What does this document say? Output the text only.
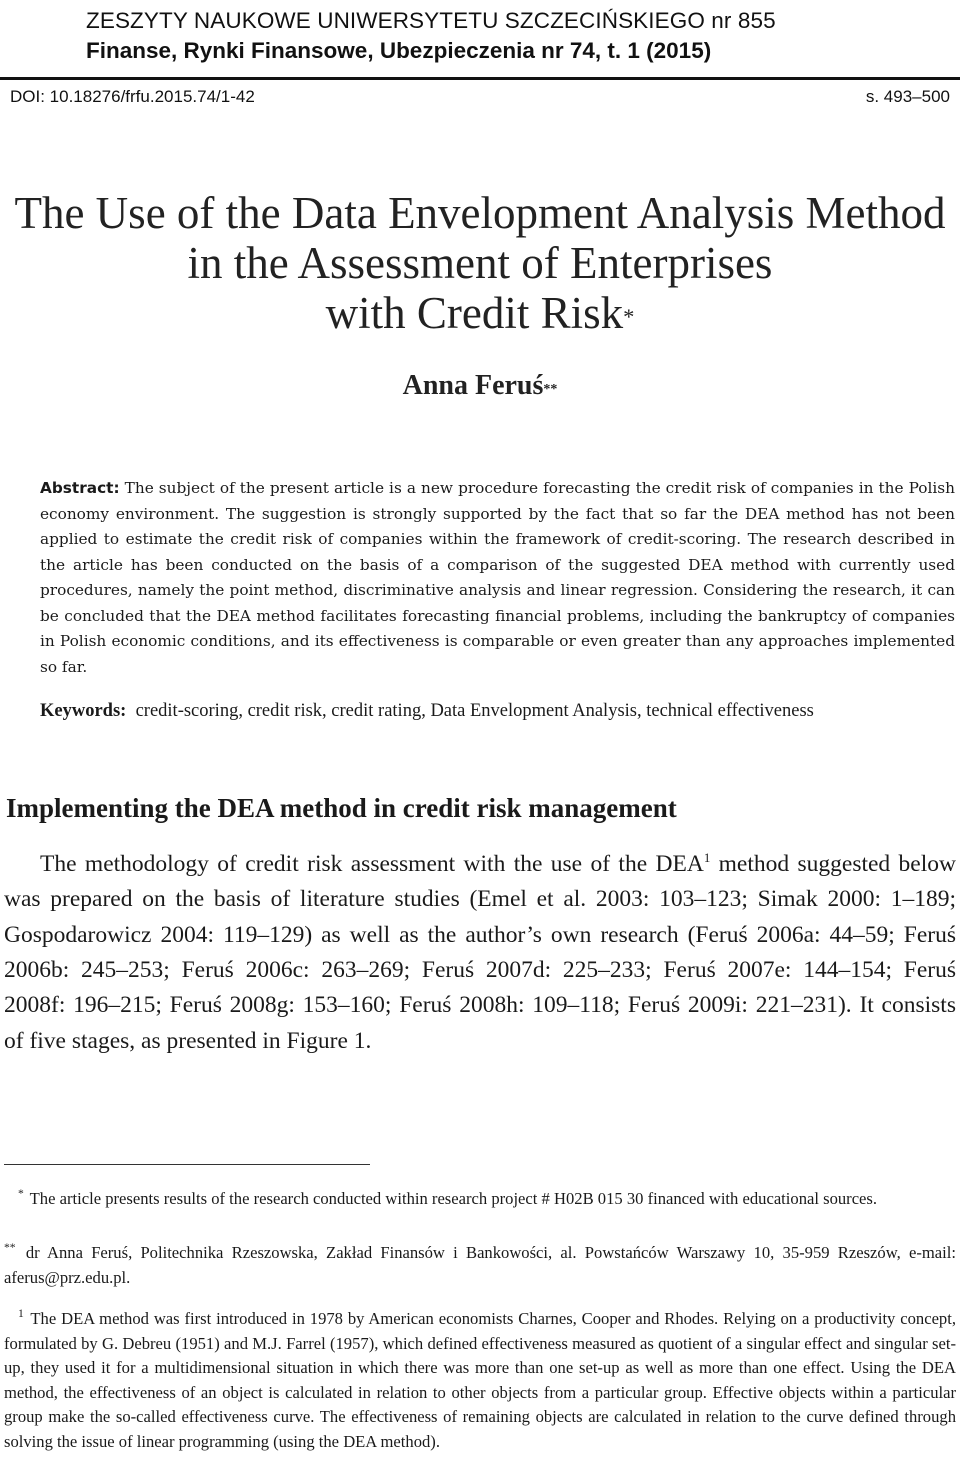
ZESZYTY NAUKOWE UNIWERSYTETU SZCZECIŃSKIEGO nr 855
Finanse, Rynki Finansowe, Ubezpieczenia nr 74, t. 1 (2015)
DOI: 10.18276/frfu.2015.74/1-42	s. 493–500
The Use of the Data Envelopment Analysis Method
in the Assessment of Enterprises
with Credit Risk*
Anna Feruś**
Abstract: The subject of the present article is a new procedure forecasting the credit risk of companies in the Polish economy environment. The suggestion is strongly supported by the fact that so far the DEA method has not been applied to estimate the credit risk of companies within the framework of credit-scoring. The research described in the article has been conducted on the basis of a comparison of the suggested DEA method with currently used procedures, namely the point method, discriminative analysis and linear regression. Considering the research, it can be concluded that the DEA method facilitates forecasting financial problems, including the bankruptcy of companies in Polish economic conditions, and its effectiveness is comparable or even greater than any approaches implemented so far.
Keywords: credit-scoring, credit risk, credit rating, Data Envelopment Analysis, technical effectiveness
Implementing the DEA method in credit risk management
The methodology of credit risk assessment with the use of the DEA$^1$ method suggested below was prepared on the basis of literature studies (Emel et al. 2003: 103–123; Simak 2000: 1–189; Gospodarowicz 2004: 119–129) as well as the author’s own research (Feruś 2006a: 44–59; Feruś 2006b: 245–253; Feruś 2006c: 263–269; Feruś 2007d: 225–233; Feruś 2007e: 144–154; Feruś 2008f: 196–215; Feruś 2008g: 153–160; Feruś 2008h: 109–118; Feruś 2009i: 221–231). It consists of five stages, as presented in Figure 1.
* The article presents results of the research conducted within research project # H02B 015 30 financed with educational sources.
** dr Anna Feruś, Politechnika Rzeszowska, Zakład Finansów i Bankowości, al. Powstańców Warszawy 10, 35-959 Rzeszów, e-mail: aferus@prz.edu.pl.
$^1$ The DEA method was first introduced in 1978 by American economists Charnes, Cooper and Rhodes. Relying on a productivity concept, formulated by G. Debreu (1951) and M.J. Farrel (1957), which defined effectiveness measured as quotient of a singular effect and singular set-up, they used it for a multidimensional situation in which there was more than one set-up as well as more than one effect. Using the DEA method, the effectiveness of an object is calculated in relation to other objects from a particular group. Effective objects within a particular group make the so-called effectiveness curve. The effectiveness of remaining objects are calculated in relation to the curve defined through solving the issue of linear programming (using the DEA method).
